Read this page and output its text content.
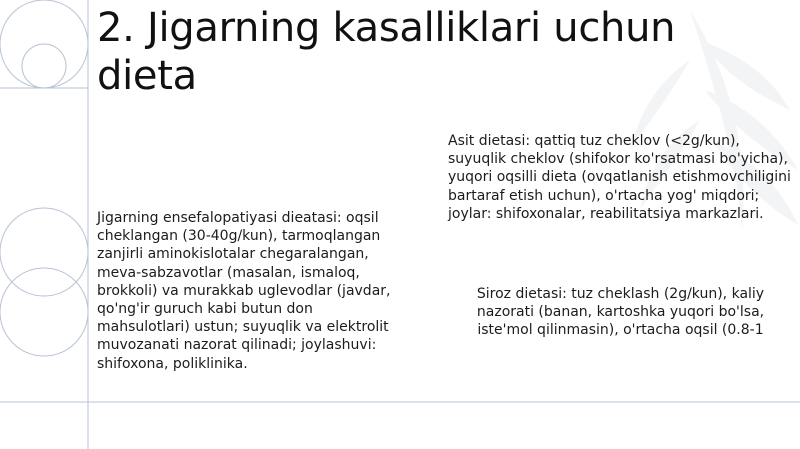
2. Jigarning kasalliklari uchun dieta
Jigarning ensefalopatiyasi dieatasi: oqsil cheklangan (30-40g/kun), tarmoqlangan zanjirli aminokislotalar chegaralangan, meva-sabzavotlar (masalan, ismaloq, brokkoli) va murakkab uglevodlar (javdar, qo'ng'ir guruch kabi butun don mahsulotlari) ustun; suyuqlik va elektrolit muvozanati nazorat qilinadi; joylashuvi: shifoxona, poliklinika.
Asit dietasi: qattiq tuz cheklov (<2g/kun), suyuqlik cheklov (shifokor ko'rsatmasi bo'yicha), yuqori oqsilli dieta (ovqatlanish etishmovchiligini bartaraf etish uchun), o'rtacha yog' miqdori; joylar: shifoxonalar, reabilitatsiya markazlari.
Siroz dietasi: tuz cheklash (2g/kun), kaliy nazorati (banan, kartoshka yuqori bo'lsa, iste'mol qilinmasin), o'rtacha oqsil (0.8-1
